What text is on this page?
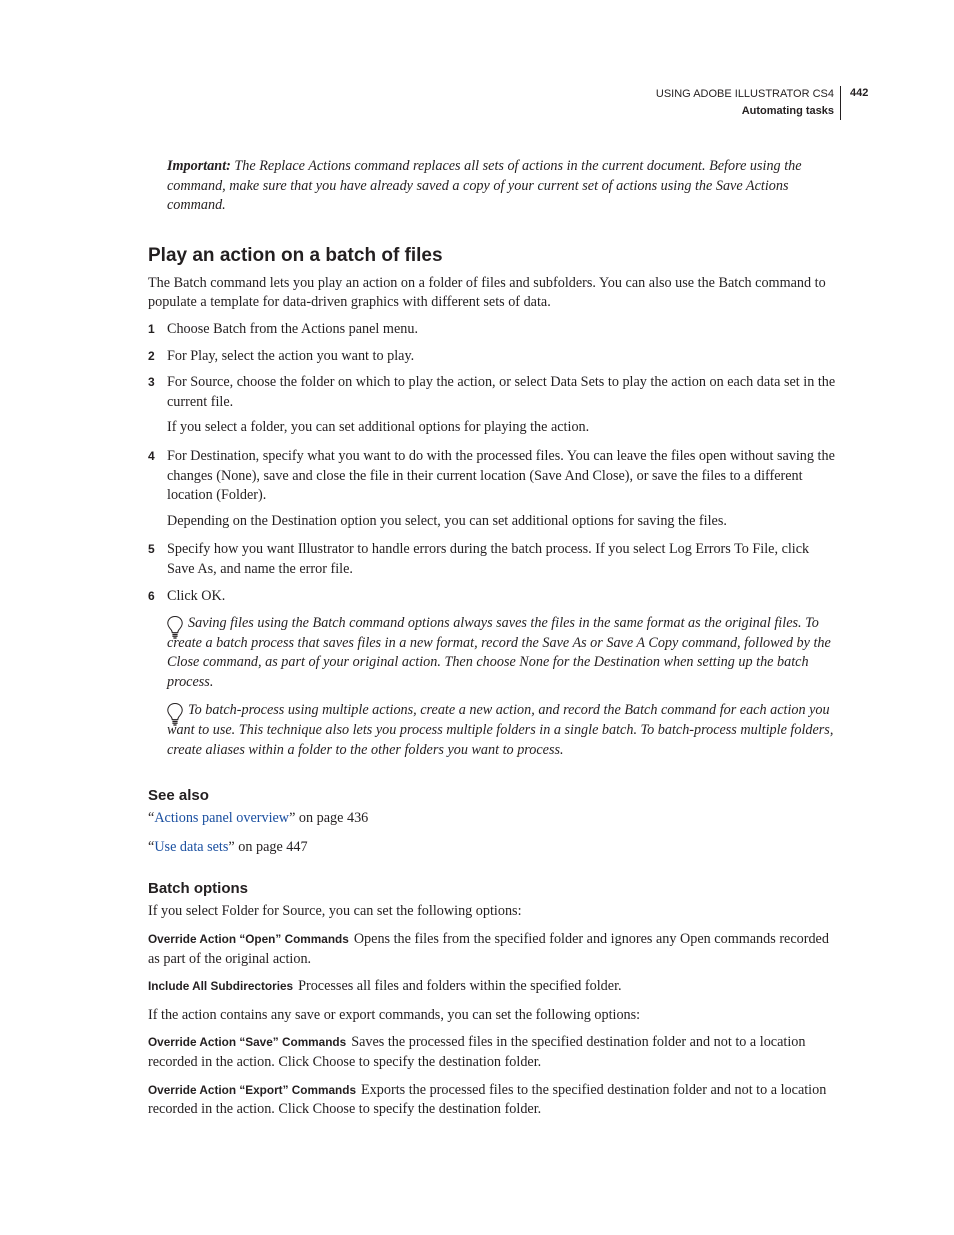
USING ADOBE ILLUSTRATOR CS4
Automating tasks
442

Important: The Replace Actions command replaces all sets of actions in the current document. Before using the command, make sure that you have already saved a copy of your current set of actions using the Save Actions command.

Play an action on a batch of files

The Batch command lets you play an action on a folder of files and subfolders. You can also use the Batch command to populate a template for data-driven graphics with different sets of data.

1 Choose Batch from the Actions panel menu.
2 For Play, select the action you want to play.
3 For Source, choose the folder on which to play the action, or select Data Sets to play the action on each data set in the current file.

If you select a folder, you can set additional options for playing the action.

4 For Destination, specify what you want to do with the processed files. You can leave the files open without saving the changes (None), save and close the file in their current location (Save And Close), or save the files to a different location (Folder).

Depending on the Destination option you select, you can set additional options for saving the files.

5 Specify how you want Illustrator to handle errors during the batch process. If you select Log Errors To File, click Save As, and name the error file.
6 Click OK.

Saving files using the Batch command options always saves the files in the same format as the original files. To create a batch process that saves files in a new format, record the Save As or Save A Copy command, followed by the Close command, as part of your original action. Then choose None for the Destination when setting up the batch process.

To batch-process using multiple actions, create a new action, and record the Batch command for each action you want to use. This technique also lets you process multiple folders in a single batch. To batch-process multiple folders, create aliases within a folder to the other folders you want to process.

See also

“Actions panel overview” on page 436

“Use data sets” on page 447

Batch options

If you select Folder for Source, you can set the following options:

Override Action “Open” Commands Opens the files from the specified folder and ignores any Open commands recorded as part of the original action.

Include All Subdirectories Processes all files and folders within the specified folder.

If the action contains any save or export commands, you can set the following options:

Override Action “Save” Commands Saves the processed files in the specified destination folder and not to a location recorded in the action. Click Choose to specify the destination folder.

Override Action “Export” Commands Exports the processed files to the specified destination folder and not to a location recorded in the action. Click Choose to specify the destination folder.
